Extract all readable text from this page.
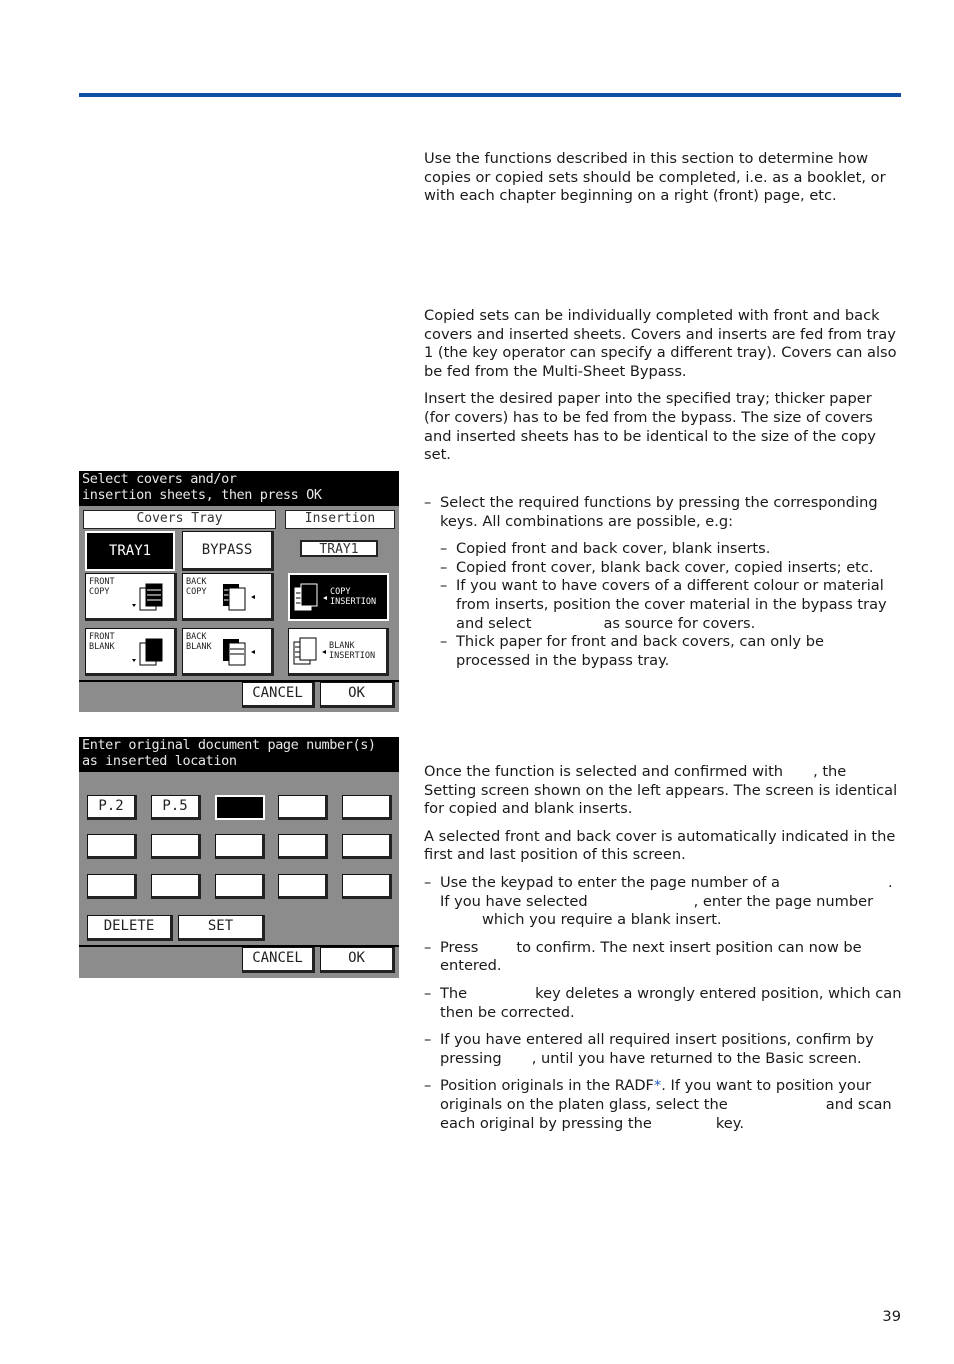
Use the functions described in this section to determine how copies or copied sets should be completed, i.e. as a booklet, or with each chapter beginning on a right (front) page, etc.

Copied sets can be individually completed with front and back covers and inserted sheets. Covers and inserts are fed from tray 1 (the key operator can specify a different tray). Covers can also be fed from the Multi-Sheet Bypass.

Insert the desired paper into the specified tray; thicker paper (for covers) has to be fed from the bypass. The size of covers and inserted sheets has to be identical to the size of the copy set.

– Select the required functions by pressing the corresponding keys. All combinations are possible, e.g:
– Copied front and back cover, blank inserts.
– Copied front cover, blank back cover, copied inserts; etc.
– If you want to have covers of a different colour or material from inserts, position the cover material in the bypass tray and select	as source for covers.
– Thick paper for front and back covers, can only be processed in the bypass tray.

Once the function is selected and confirmed with , the Setting screen shown on the left appears. The screen is identical for copied and blank inserts.

A selected front and back cover is automatically indicated in the first and last position of this screen.

– Use the keypad to enter the page number of a	. If you have selected	, enter the page number which you require a blank insert.
– Press	to confirm. The next insert position can now be entered.
– The	key deletes a wrongly entered position, which can then be corrected.
– If you have entered all required insert positions, confirm by pressing , until you have returned to the Basic screen.
– Position originals in the RADF*. If you want to position your originals on the platen glass, select the	and scan each original by pressing the	key.
39
Select covers and/or
insertion sheets, then press OK
Covers Tray	Insertion
TRAY1	BYPASS	TRAY1
FRONT
COPY
BACK
COPY	COPY
INSERTION
FRONT
BLANK
BACK
BLANK	BLANK
INSERTION
CANCEL	OK
Enter original document page number(s)
as inserted location
P.2	P.5
DELETE	SET
CANCEL	OK
